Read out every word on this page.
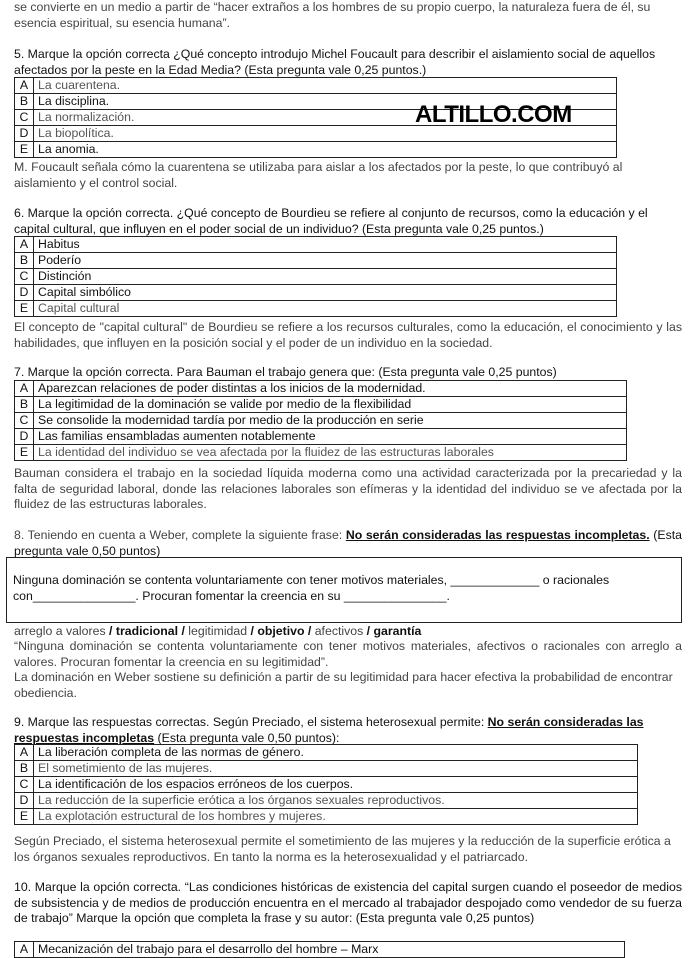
se convierte en un medio a partir de “hacer extraños a los hombres de su propio cuerpo, la naturaleza fuera de él, su esencia espiritual, su esencia humana”.

5. Marque la opción correcta ¿Qué concepto introdujo Michel Foucault para describir el aislamiento social de aquellos afectados por la peste en la Edad Media? (Esta pregunta vale 0,25 puntos.)

A	La cuarentena.
B	La disciplina.
C	La normalización.
D	La biopolítica.
E	La anomia.

M. Foucault señala cómo la cuarentena se utilizaba para aislar a los afectados por la peste, lo que contribuyó al aislamiento y el control social.

6. Marque la opción correcta. ¿Qué concepto de Bourdieu se refiere al conjunto de recursos, como la educación y el capital cultural, que influyen en el poder social de un individuo? (Esta pregunta vale 0,25 puntos.)

A	Habitus
B	Poderío
C	Distinción
D	Capital simbólico
E	Capital cultural

El concepto de "capital cultural" de Bourdieu se refiere a los recursos culturales, como la educación, el conocimiento y las habilidades, que influyen en la posición social y el poder de un individuo en la sociedad.

7. Marque la opción correcta. Para Bauman el trabajo genera que: (Esta pregunta vale 0,25 puntos)

A	Aparezcan relaciones de poder distintas a los inicios de la modernidad.
B	La legitimidad de la dominación se valide por medio de la flexibilidad
C	Se consolide la modernidad tardía por medio de la producción en serie
D	Las familias ensambladas aumenten notablemente
E	La identidad del individuo se vea afectada por la fluidez de las estructuras laborales

Bauman considera el trabajo en la sociedad líquida moderna como una actividad caracterizada por la precariedad y la falta de seguridad laboral, donde las relaciones laborales son efímeras y la identidad del individuo se ve afectada por la fluidez de las estructuras laborales.

8. Teniendo en cuenta a Weber, complete la siguiente frase: No serán consideradas las respuestas incompletas. (Esta pregunta vale 0,50 puntos)

Ninguna dominación se contenta voluntariamente con tener motivos materiales, _____________ o racionales con_______________. Procuran fomentar la creencia en su _______________.

arreglo a valores / tradicional / legitimidad / objetivo / afectivos / garantía

“Ninguna dominación se contenta voluntariamente con tener motivos materiales, afectivos o racionales con arreglo a valores. Procuran fomentar la creencia en su legitimidad”.

La dominación en Weber sostiene su definición a partir de su legitimidad para hacer efectiva la probabilidad de encontrar obediencia.

9. Marque las respuestas correctas. Según Preciado, el sistema heterosexual permite: No serán consideradas las respuestas incompletas (Esta pregunta vale 0,50 puntos):

A	La liberación completa de las normas de género.
B	El sometimiento de las mujeres.
C	La identificación de los espacios erróneos de los cuerpos.
D	La reducción de la superficie erótica a los órganos sexuales reproductivos.
E	La explotación estructural de los hombres y mujeres.

Según Preciado, el sistema heterosexual permite el sometimiento de las mujeres y la reducción de la superficie erótica a los órganos sexuales reproductivos. En tanto la norma es la heterosexualidad y el patriarcado.

10. Marque la opción correcta. “Las condiciones históricas de existencia del capital surgen cuando el poseedor de medios de subsistencia y de medios de producción encuentra en el mercado al trabajador despojado como vendedor de su fuerza de trabajo” Marque la opción que completa la frase y su autor: (Esta pregunta vale 0,25 puntos)

A	Mecanización del trabajo para el desarrollo del hombre – Marx
ALTILLO.COM
